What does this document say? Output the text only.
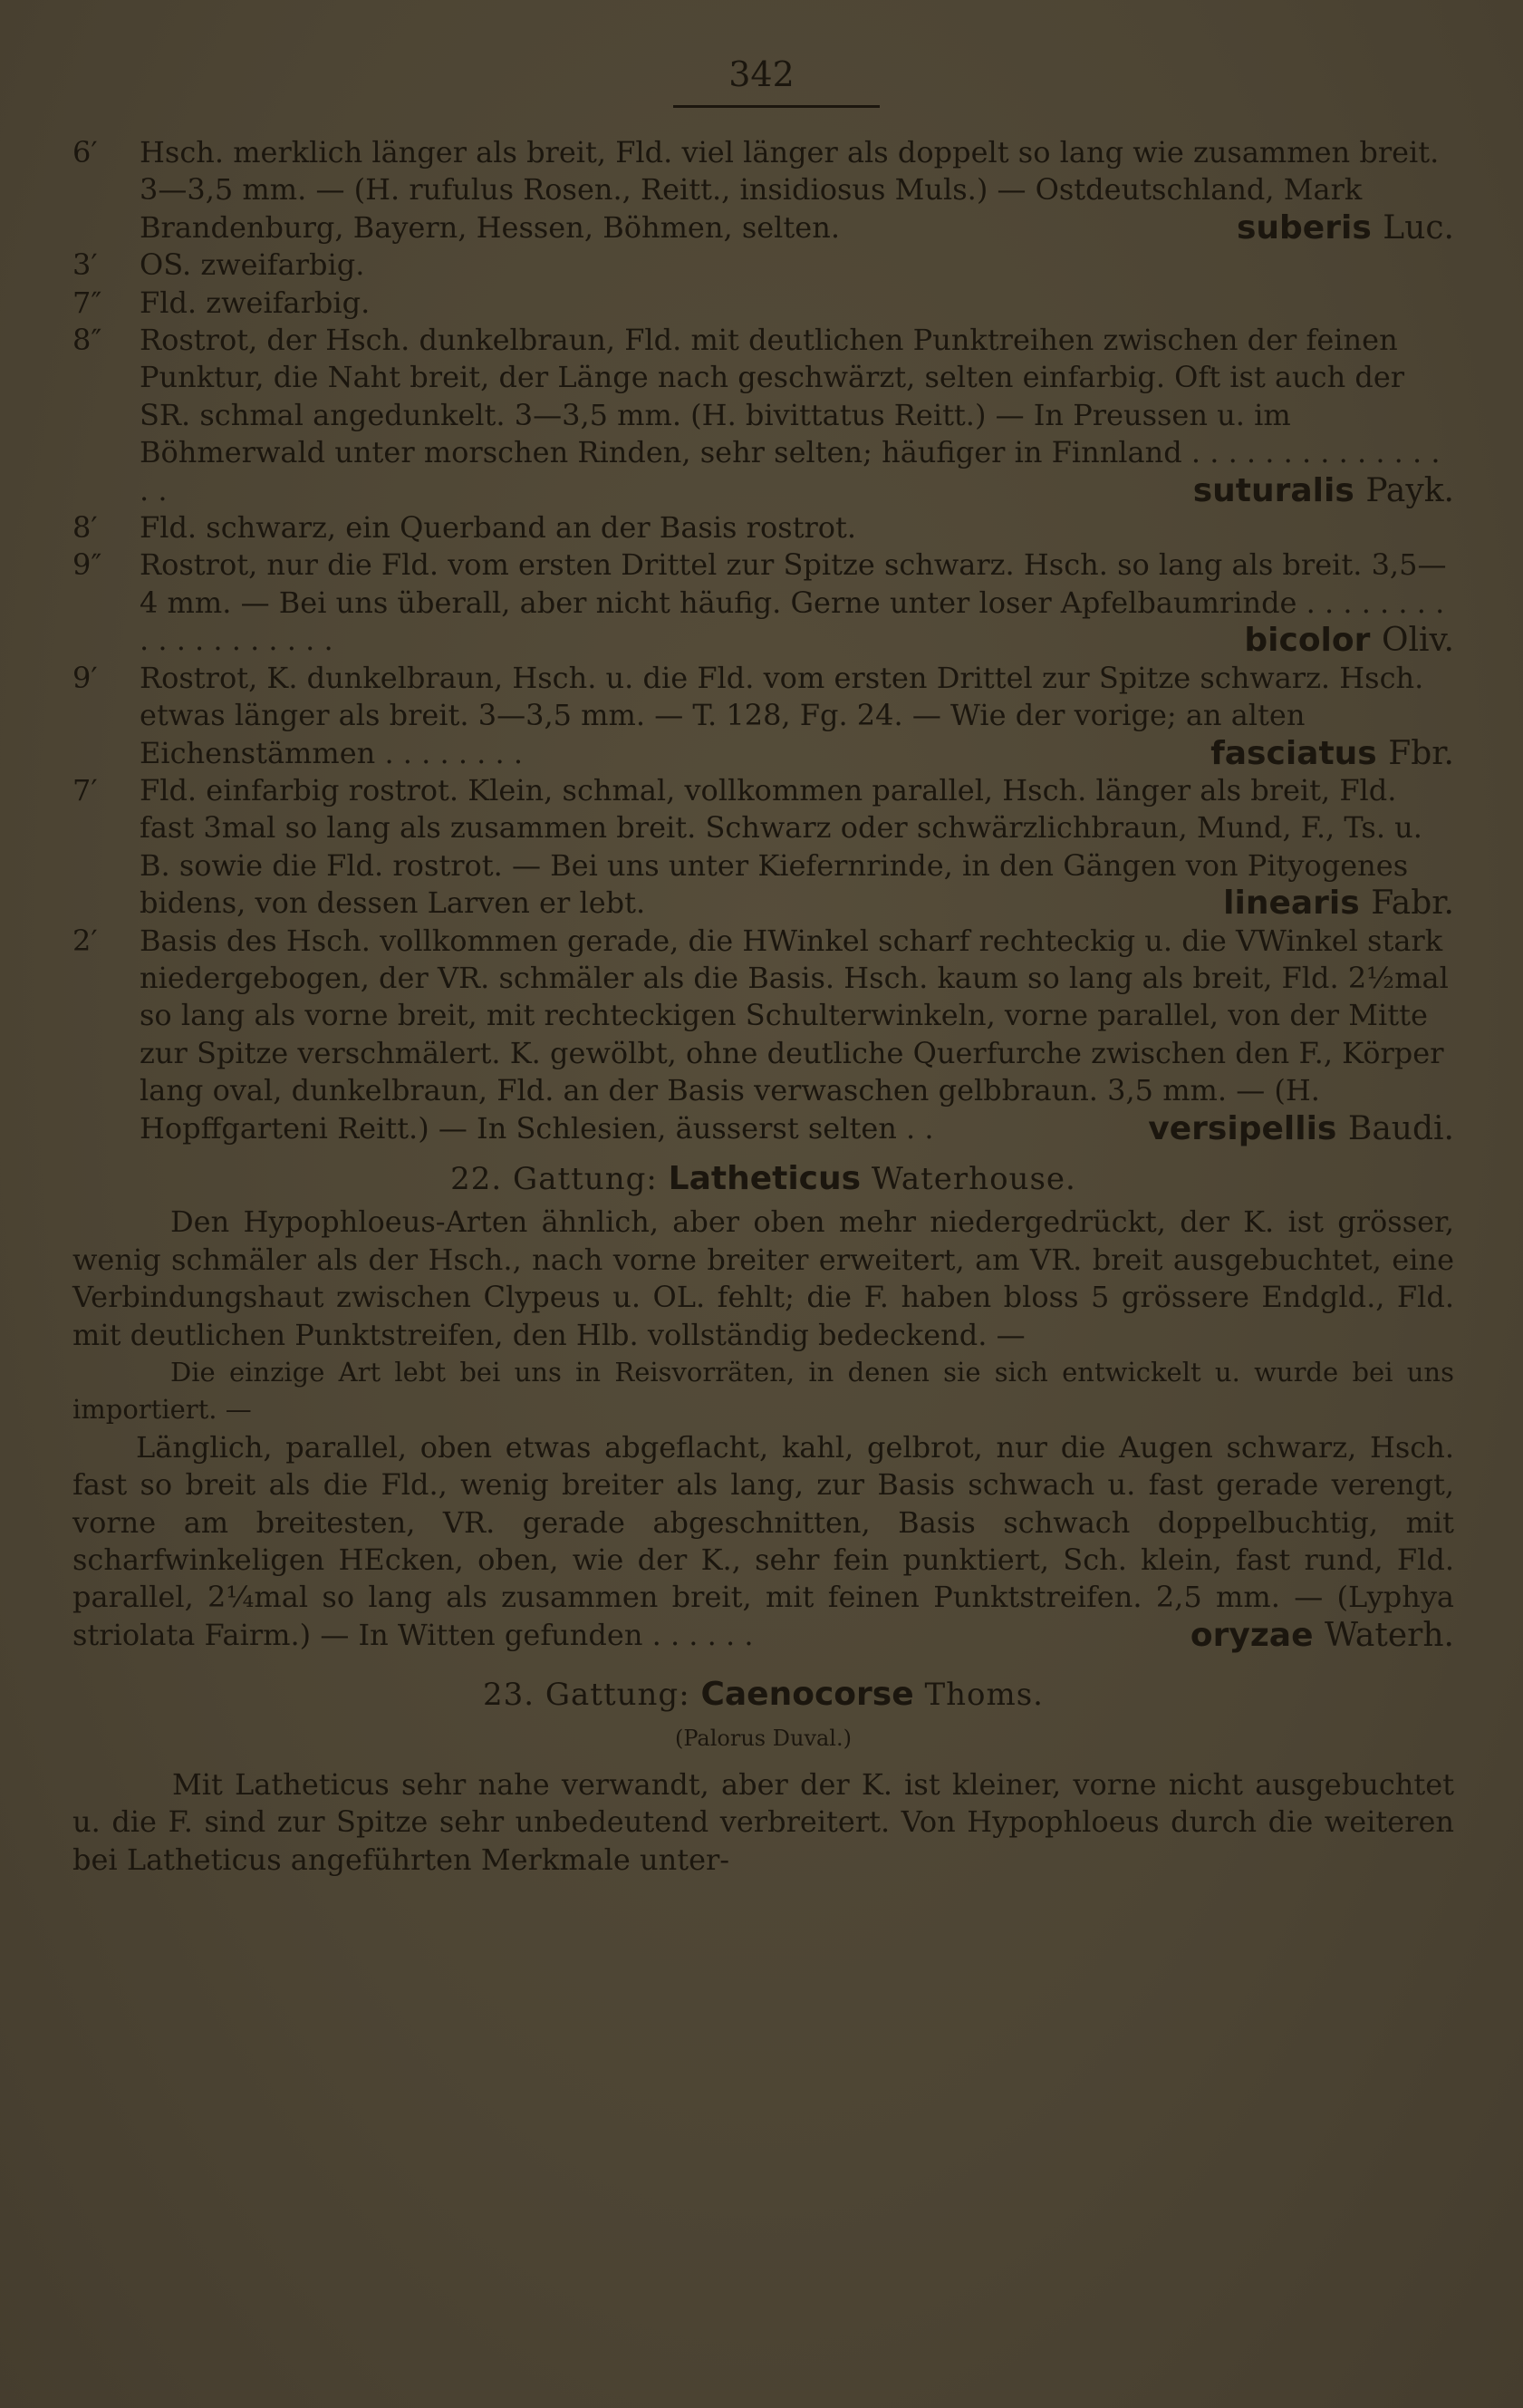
342
6′	Hsch. merklich länger als breit, Fld. viel länger als doppelt so lang wie zusammen breit. 3—3,5 mm. — (H. rufulus Rosen., Reitt., insidiosus Muls.) — Ostdeutschland, Mark Brandenburg, Bayern, Hessen, Böhmen, selten.	suberis Luc.
3′	OS. zweifarbig.
7″	Fld. zweifarbig.
8″	Rostrot, der Hsch. dunkelbraun, Fld. mit deutlichen Punktreihen zwischen der feinen Punktur, die Naht breit, der Länge nach geschwärzt, selten einfarbig. Oft ist auch der SR. schmal angedunkelt. 3—3,5 mm. (H. bivittatus Reitt.) — In Preussen u. im Böhmerwald unter morschen Rinden, sehr selten; häufiger in Finnland . . . . . . . . . . . . . . . .	suturalis Payk.
8′	Fld. schwarz, ein Querband an der Basis rostrot.
9″	Rostrot, nur die Fld. vom ersten Drittel zur Spitze schwarz. Hsch. so lang als breit. 3,5—4 mm. — Bei uns überall, aber nicht häufig. Gerne unter loser Apfelbaumrinde . . . . . . . . . . . . . . . . . . .	bicolor Oliv.
9′	Rostrot, K. dunkelbraun, Hsch. u. die Fld. vom ersten Drittel zur Spitze schwarz. Hsch. etwas länger als breit. 3—3,5 mm. — T. 128, Fg. 24. — Wie der vorige; an alten Eichenstämmen . . . . . . . .	fasciatus Fbr.
7′	Fld. einfarbig rostrot. Klein, schmal, vollkommen parallel, Hsch. länger als breit, Fld. fast 3mal so lang als zusammen breit. Schwarz oder schwärzlichbraun, Mund, F., Ts. u. B. sowie die Fld. rostrot. — Bei uns unter Kiefernrinde, in den Gängen von Pityogenes bidens, von dessen Larven er lebt.	linearis Fabr.
2′	Basis des Hsch. vollkommen gerade, die HWinkel scharf rechteckig u. die VWinkel stark niedergebogen, der VR. schmäler als die Basis. Hsch. kaum so lang als breit, Fld. 2½mal so lang als vorne breit, mit rechteckigen Schulterwinkeln, vorne parallel, von der Mitte zur Spitze verschmälert. K. gewölbt, ohne deutliche Querfurche zwischen den F., Körper lang oval, dunkelbraun, Fld. an der Basis verwaschen gelbbraun. 3,5 mm. — (H. Hopffgarteni Reitt.) — In Schlesien, äusserst selten . .	versipellis Baudi.
22. Gattung: Latheticus Waterhouse.
Den Hypophloeus-Arten ähnlich, aber oben mehr niedergedrückt, der K. ist grösser, wenig schmäler als der Hsch., nach vorne breiter erweitert, am VR. breit ausgebuchtet, eine Verbindungshaut zwischen Clypeus u. OL. fehlt; die F. haben bloss 5 grössere Endgld., Fld. mit deutlichen Punktstreifen, den Hlb. vollständig bedeckend. —
Die einzige Art lebt bei uns in Reisvorräten, in denen sie sich entwickelt u. wurde bei uns importiert. —
Länglich, parallel, oben etwas abgeflacht, kahl, gelbrot, nur die Augen schwarz, Hsch. fast so breit als die Fld., wenig breiter als lang, zur Basis schwach u. fast gerade verengt, vorne am breitesten, VR. gerade abgeschnitten, Basis schwach doppelbuchtig, mit scharfwinkeligen HEcken, oben, wie der K., sehr fein punktiert, Sch. klein, fast rund, Fld. parallel, 2¼mal so lang als zusammen breit, mit feinen Punktstreifen. 2,5 mm. — (Lyphya striolata Fairm.) — In Witten gefunden . . . . . .	oryzae Waterh.
23. Gattung: Caenocorse Thoms.
(Palorus Duval.)
Mit Latheticus sehr nahe verwandt, aber der K. ist kleiner, vorne nicht ausgebuchtet u. die F. sind zur Spitze sehr unbedeutend verbreitert. Von Hypophloeus durch die weiteren bei Latheticus angeführten Merkmale unter-
